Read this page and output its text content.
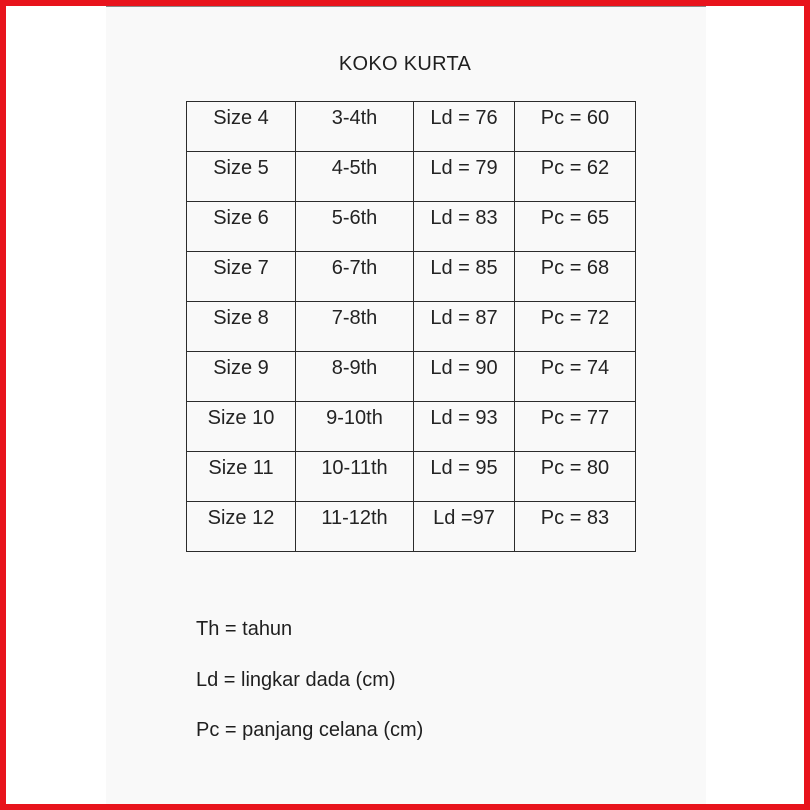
KOKO KURTA
Size 4	3-4th	Ld = 76	Pc = 60
Size 5	4-5th	Ld = 79	Pc = 62
Size 6	5-6th	Ld = 83	Pc = 65
Size 7	6-7th	Ld = 85	Pc = 68
Size 8	7-8th	Ld = 87	Pc = 72
Size 9	8-9th	Ld = 90	Pc = 74
Size 10	9-10th	Ld = 93	Pc = 77
Size 11	10-11th	Ld = 95	Pc = 80
Size 12	11-12th	Ld =97	Pc = 83
Th = tahun
Ld = lingkar dada (cm)
Pc = panjang celana (cm)
